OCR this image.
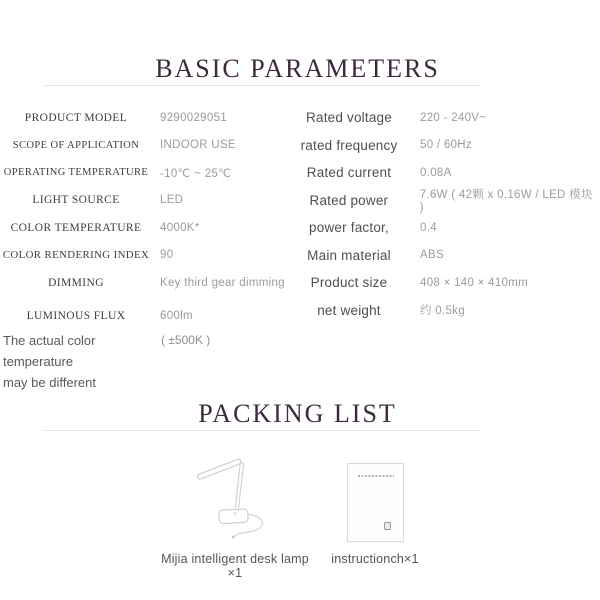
BASIC PARAMETERS
PRODUCT MODEL	9290029051
SCOPE OF APPLICATION	INDOOR USE
OPERATING TEMPERATURE	-10℃ ~ 25℃
LIGHT SOURCE	LED
COLOR TEMPERATURE	4000K*
COLOR RENDERING INDEX 90
DIMMING	Key third gear dimming
LUMINOUS FLUX	600lm
Rated voltage	220 - 240V~
rated frequency	50 / 60Hz
Rated current	0.08A
Rated power	7.6W ( 42颗 x 0.16W / LED 模块 )
power factor,	0.4
Main material	ABS
Product size	408 × 140 × 410mm
net weight	约 0.5kg
The actual color temperature
may be different
( ±500K )
PACKING LIST
Mijia intelligent desk lamp ×1
instructionch×1
